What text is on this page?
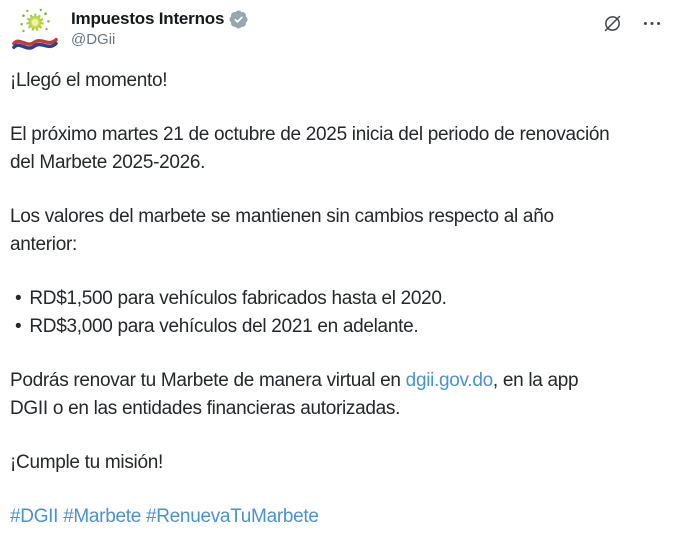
Impuestos Internos
@DGii

¡Llegó el momento!

El próximo martes 21 de octubre de 2025 inicia del periodo de renovación
del Marbete 2025-2026.

Los valores del marbete se mantienen sin cambios respecto al año
anterior:

• RD$1,500 para vehículos fabricados hasta el 2020.
• RD$3,000 para vehículos del 2021 en adelante.

Podrás renovar tu Marbete de manera virtual en dgii.gov.do, en la app
DGII o en las entidades financieras autorizadas.

¡Cumple tu misión!

#DGII #Marbete #RenuevaTuMarbete
